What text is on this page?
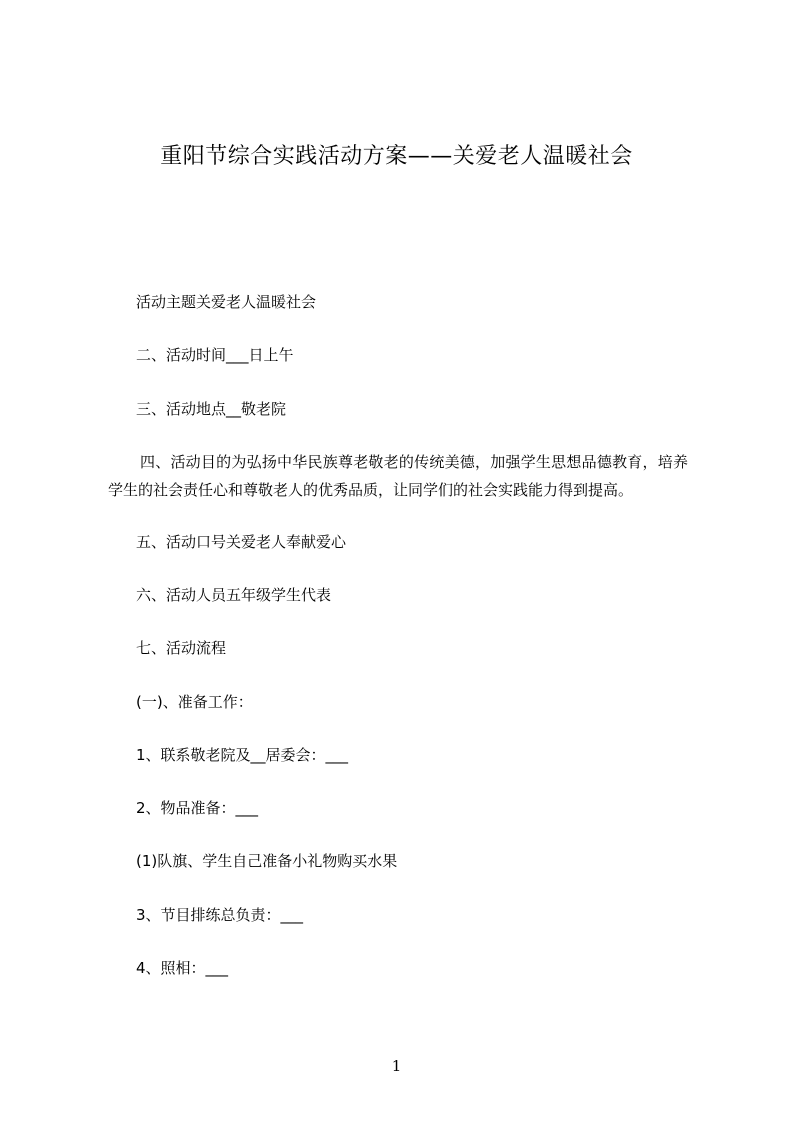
重阳节综合实践活动方案——关爱老人温暖社会
活动主题关爱老人温暖社会
二、活动时间___日上午
三、活动地点__敬老院
四、活动目的为弘扬中华民族尊老敬老的传统美德，加强学生思想品德教育，培养学生的社会责任心和尊敬老人的优秀品质，让同学们的社会实践能力得到提高。
五、活动口号关爱老人奉献爱心
六、活动人员五年级学生代表
七、活动流程
(一)、准备工作：
1、联系敬老院及__居委会：___
2、物品准备：___
(1)队旗、学生自己准备小礼物购买水果
3、节目排练总负责：___
4、照相：___
1
